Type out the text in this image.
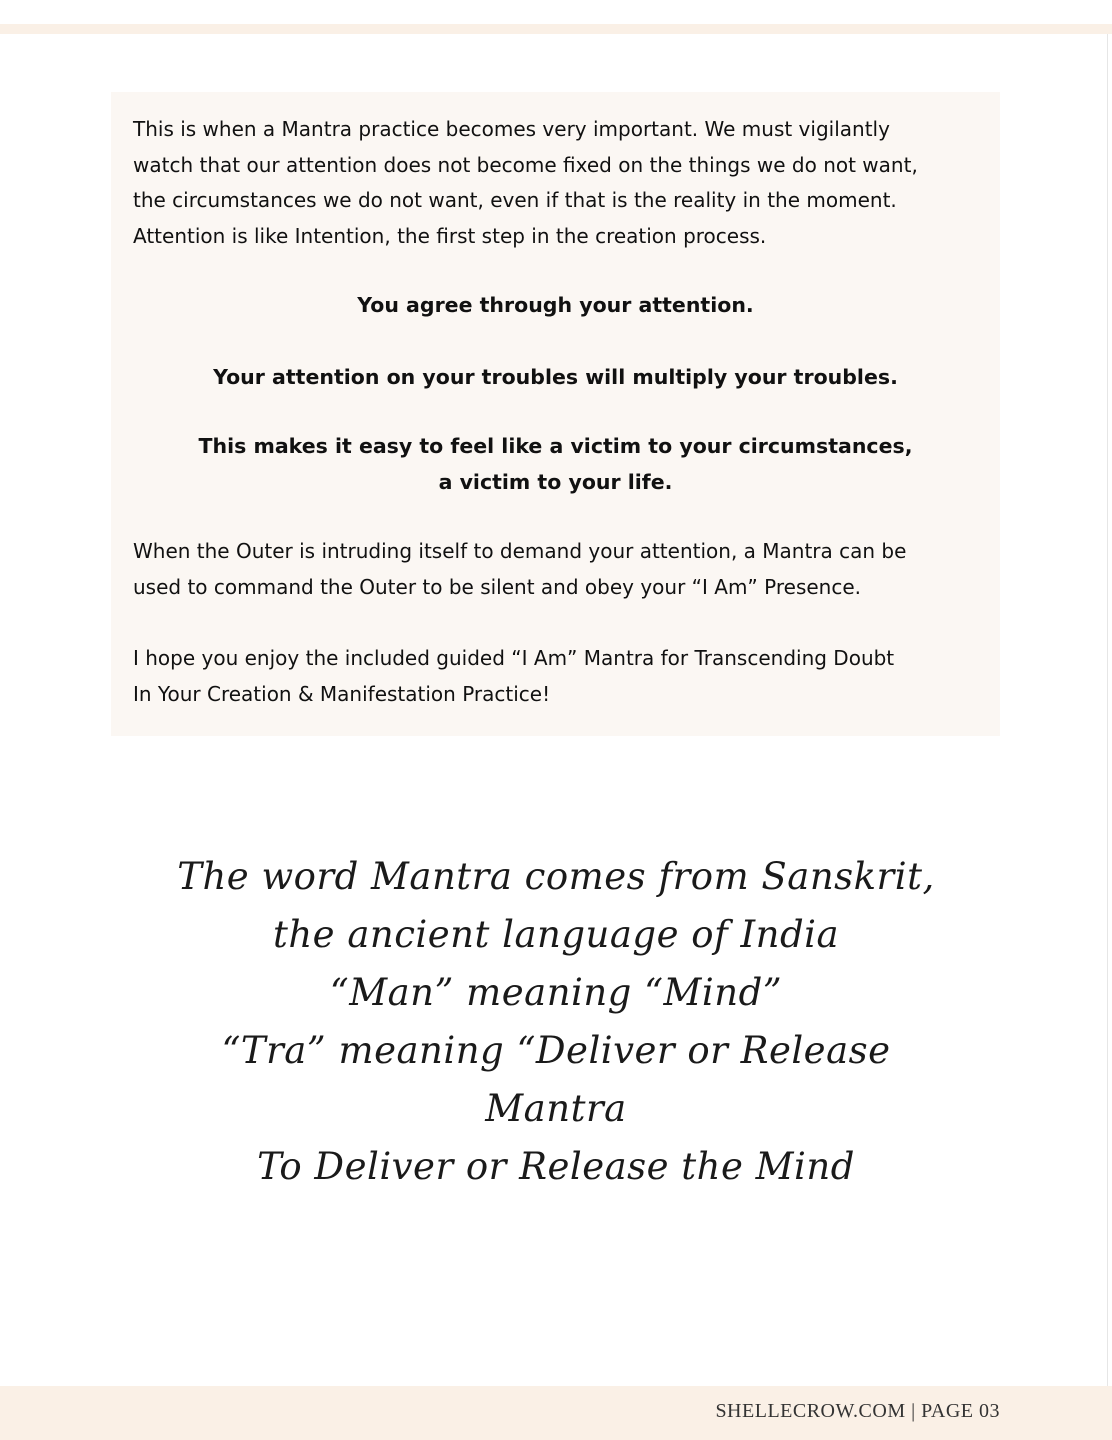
This is when a Mantra practice becomes very important. We must vigilantly
watch that our attention does not become fixed on the things we do not want,
the circumstances we do not want, even if that is the reality in the moment.
Attention is like Intention, the first step in the creation process.

You agree through your attention.

Your attention on your troubles will multiply your troubles.

This makes it easy to feel like a victim to your circumstances,
a victim to your life.

When the Outer is intruding itself to demand your attention, a Mantra can be
used to command the Outer to be silent and obey your “I Am” Presence.

I hope you enjoy the included guided “I Am” Mantra for Transcending Doubt
In Your Creation & Manifestation Practice!

The word Mantra comes from Sanskrit,
the ancient language of India
“Man” meaning “Mind”
“Tra” meaning “Deliver or Release
Mantra
To Deliver or Release the Mind
SHELLECROW.COM | PAGE 03
